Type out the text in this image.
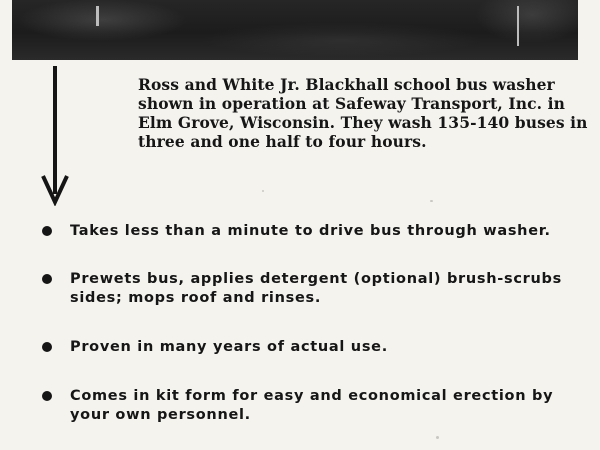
Ross and White Jr. Blackhall school bus washer shown in operation at Safeway Transport, Inc. in Elm Grove, Wisconsin. They wash 135-140 buses in three and one half to four hours.

Takes less than a minute to drive bus through washer.
Prewets bus, applies detergent (optional) brush-scrubs sides; mops roof and rinses.
Proven in many years of actual use.
Comes in kit form for easy and economical erection by your own personnel.
